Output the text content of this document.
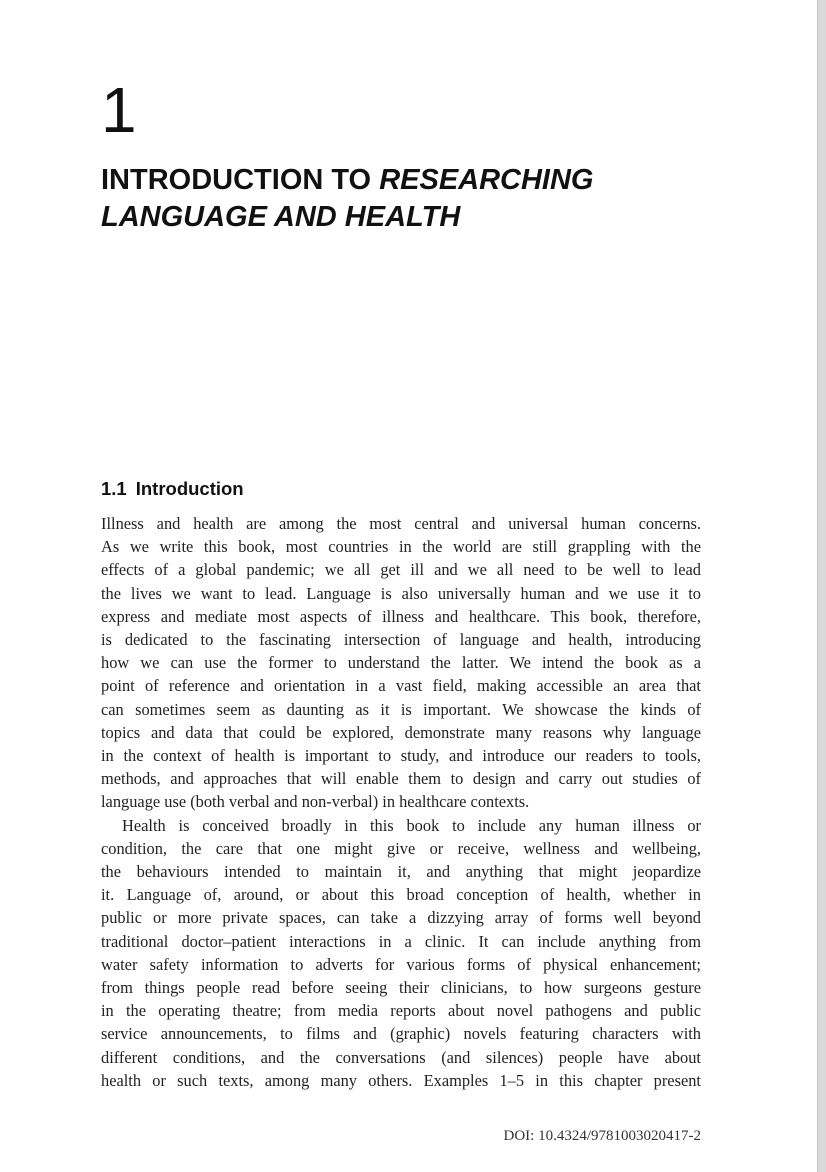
1
INTRODUCTION TO RESEARCHING
LANGUAGE AND HEALTH
1.1 Introduction
Illness and health are among the most central and universal human concerns.
As we write this book, most countries in the world are still grappling with the
effects of a global pandemic; we all get ill and we all need to be well to lead
the lives we want to lead. Language is also universally human and we use it to
express and mediate most aspects of illness and healthcare. This book, therefore,
is dedicated to the fascinating intersection of language and health, introducing
how we can use the former to understand the latter. We intend the book as a
point of reference and orientation in a vast field, making accessible an area that
can sometimes seem as daunting as it is important. We showcase the kinds of
topics and data that could be explored, demonstrate many reasons why language
in the context of health is important to study, and introduce our readers to tools,
methods, and approaches that will enable them to design and carry out studies of
language use (both verbal and non-verbal) in healthcare contexts.
Health is conceived broadly in this book to include any human illness or
condition, the care that one might give or receive, wellness and wellbeing,
the behaviours intended to maintain it, and anything that might jeopardize
it. Language of, around, or about this broad conception of health, whether in
public or more private spaces, can take a dizzying array of forms well beyond
traditional doctor–patient interactions in a clinic. It can include anything from
water safety information to adverts for various forms of physical enhancement;
from things people read before seeing their clinicians, to how surgeons gesture
in the operating theatre; from media reports about novel pathogens and public
service announcements, to films and (graphic) novels featuring characters with
different conditions, and the conversations (and silences) people have about
health or such texts, among many others. Examples 1–5 in this chapter present
DOI: 10.4324/9781003020417-2
